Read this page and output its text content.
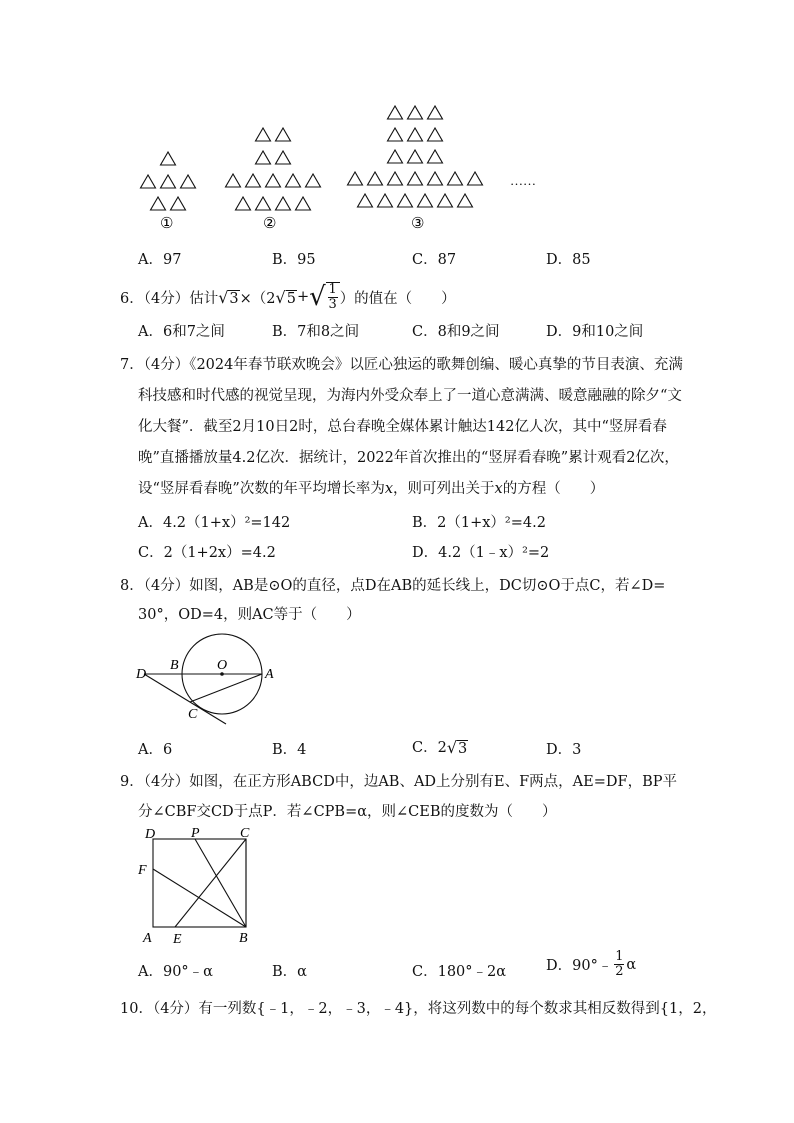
①	②	③
……
A．97	B．95	C．87	D．85
6．（4分）估计 √ 3 ×（2 √ 5 + √ 1
3 ）的值在（　　）
A．6和7之间	B．7和8之间	C．8和9之间	D．9和10之间
7．（4分）《2024年春节联欢晚会》以匠心独运的歌舞创编、暖心真挚的节目表演、充满
科技感和时代感的视觉呈现，为海内外受众奉上了一道心意满满、暖意融融的除夕“文
化大餐”．截至2月10日2时，总台春晚全媒体累计触达142亿人次，其中“竖屏看春
晚”直播播放量4.2亿次．据统计，2022年首次推出的“竖屏看春晚”累计观看2亿次，
设“竖屏看春晚”次数的年平均增长率为x，则可列出关于x的方程（　　）
A．4.2（1+x）²=142	B．2（1+x）²=4.2
C．2（1+2x）=4.2	D．4.2（1﹣x）²=2
8．（4分）如图，AB是⊙O的直径，点D在AB的延长线上，DC切⊙O于点C，若∠D=
30°，OD=4，则AC等于（　　）
D
B	O
A
C
A．6	B．4	C．2 √ 3	D．3
9．（4分）如图，在正方形ABCD中，边AB、AD上分别有E、F两点，AE=DF，BP平
分∠CBF交CD于点P．若∠CPB=α，则∠CEB的度数为（　　）
D	P	C
F
A E	B
A．90°﹣α	B．α	C．180°﹣2α	D．90°﹣
1
2 α
10．（4分）有一列数{﹣1，﹣2，﹣3，﹣4}，将这列数中的每个数求其相反数得到{1，2，
